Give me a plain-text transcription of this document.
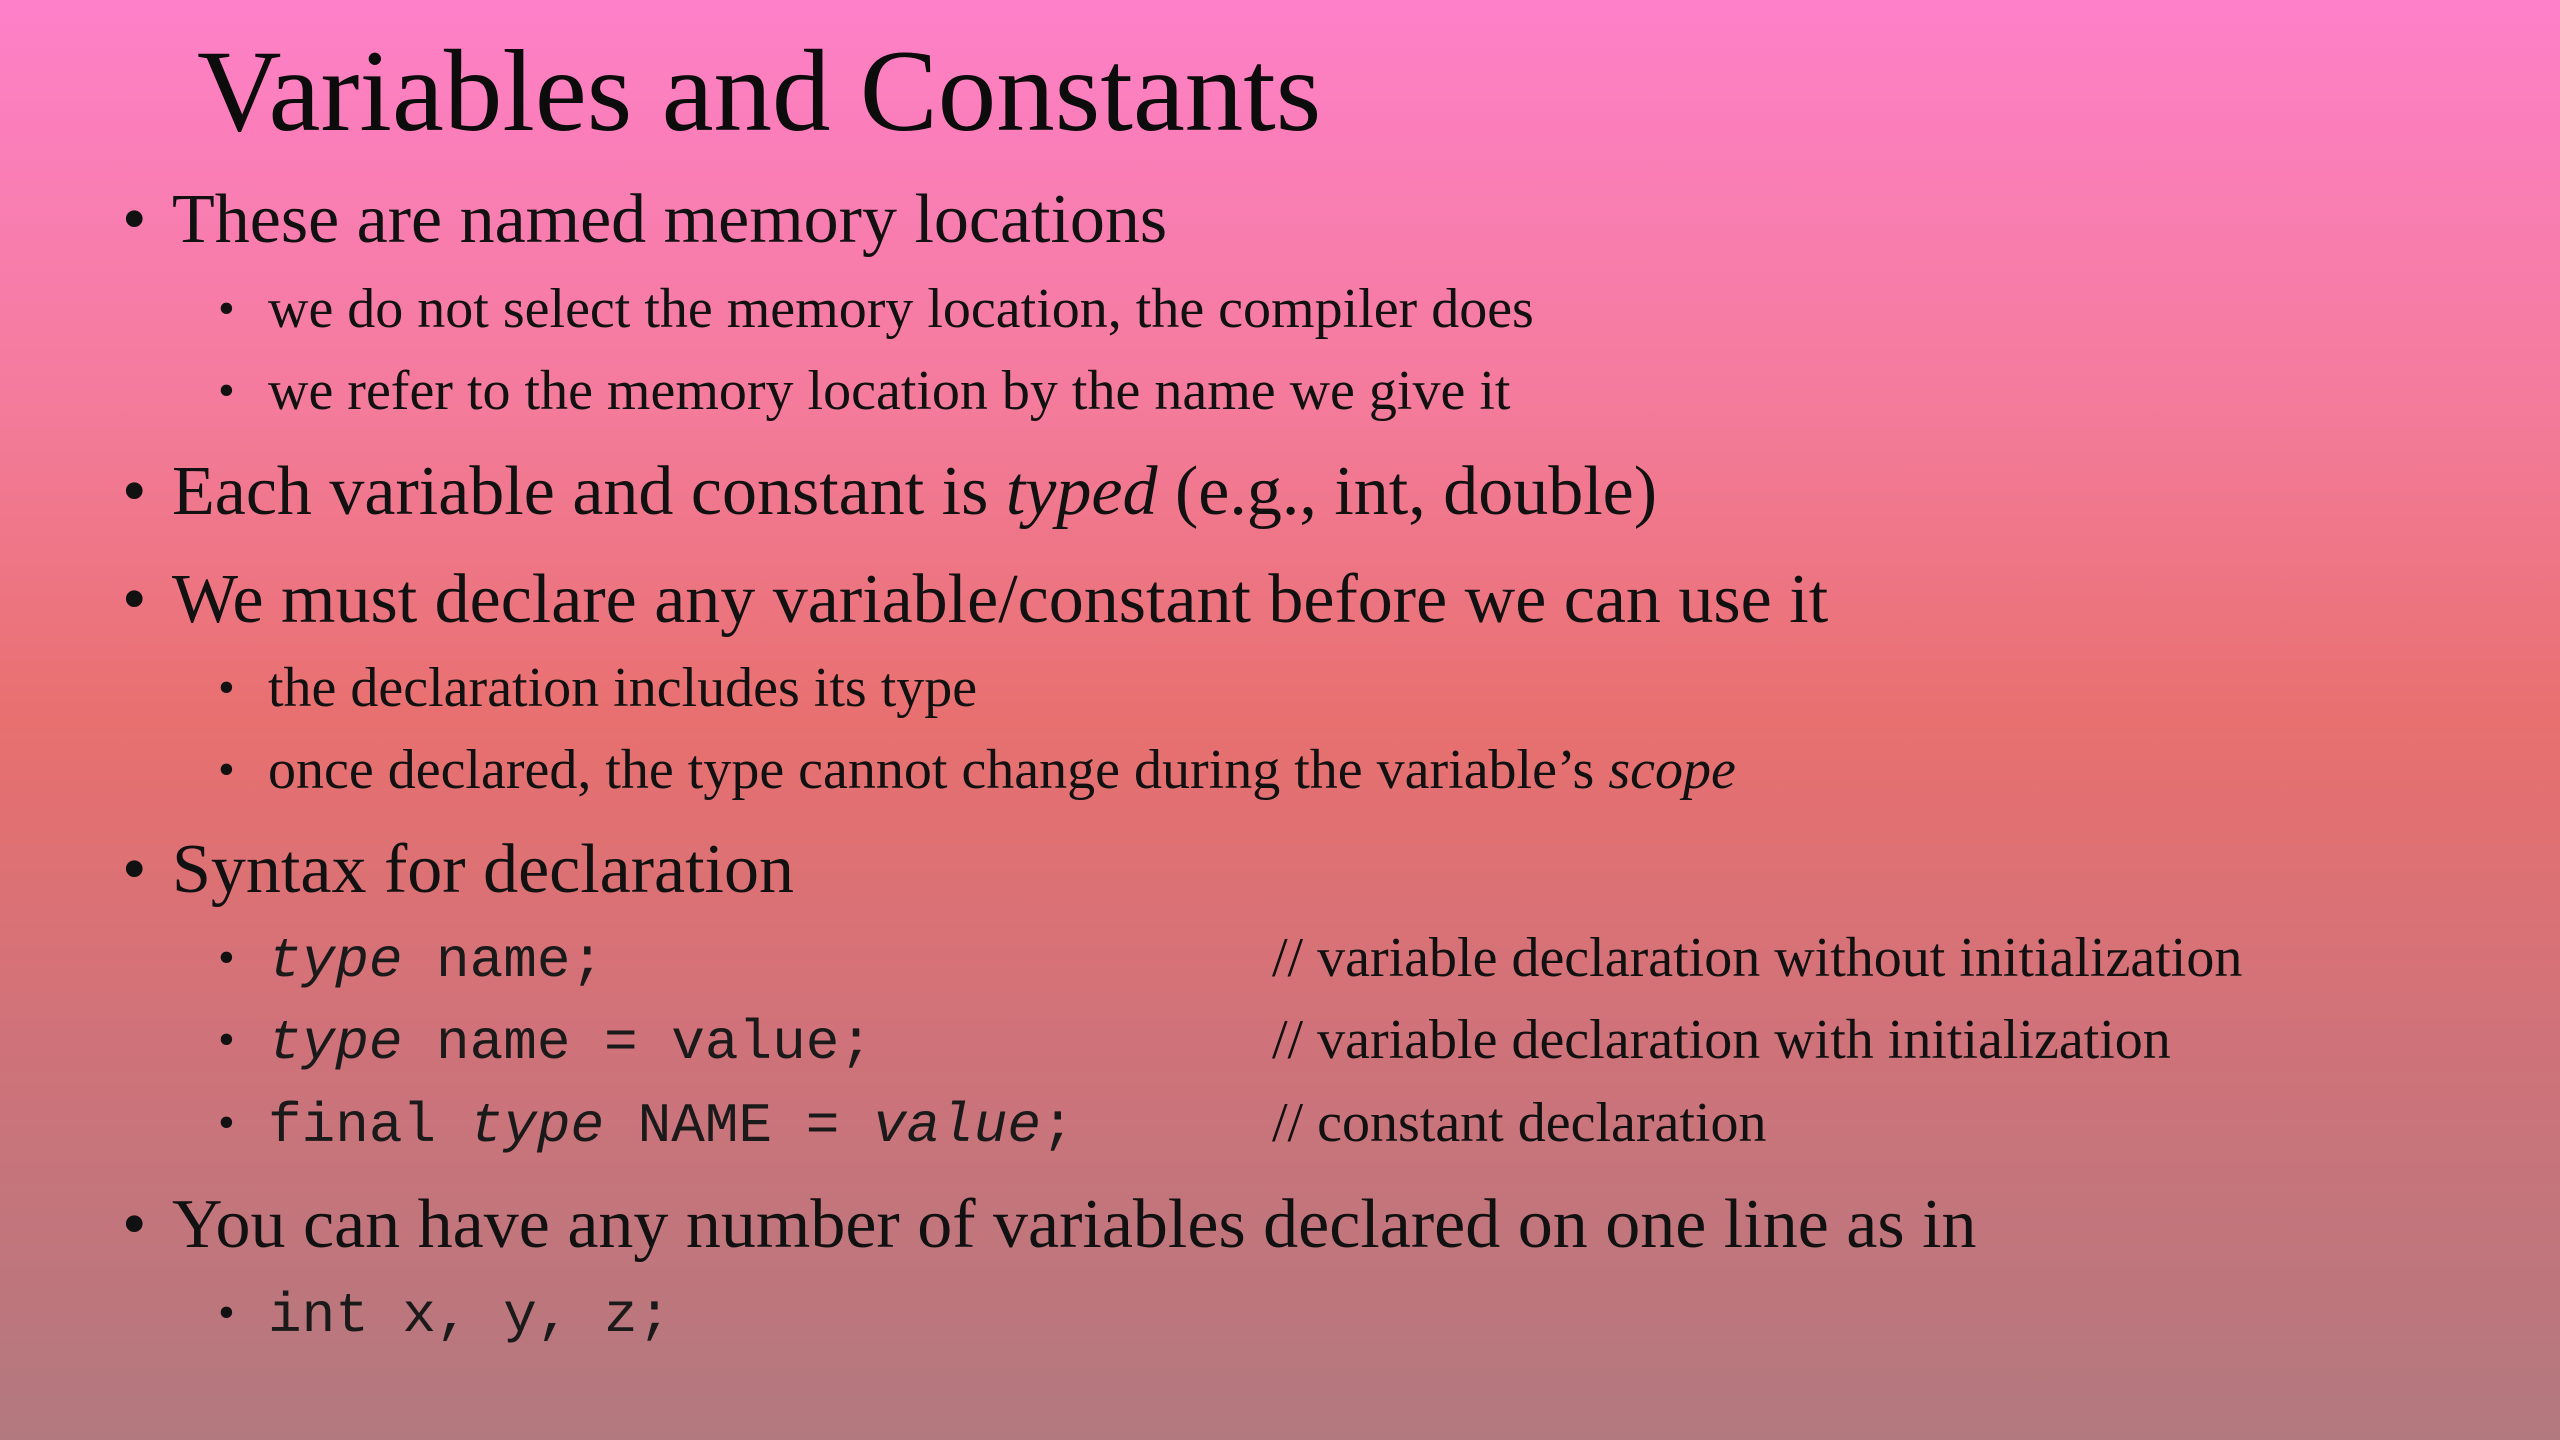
Variables and Constants
• These are named memory locations
• we do not select the memory location, the compiler does
• we refer to the memory location by the name we give it
• Each variable and constant is typed (e.g., int, double)
• We must declare any variable/constant before we can use it
• the declaration includes its type
• once declared, the type cannot change during the variable’s scope
• Syntax for declaration
• type name;	// variable declaration without initialization
• type name = value;	// variable declaration with initialization
• final type NAME = value;	// constant declaration
• You can have any number of variables declared on one line as in
• int x, y, z;
